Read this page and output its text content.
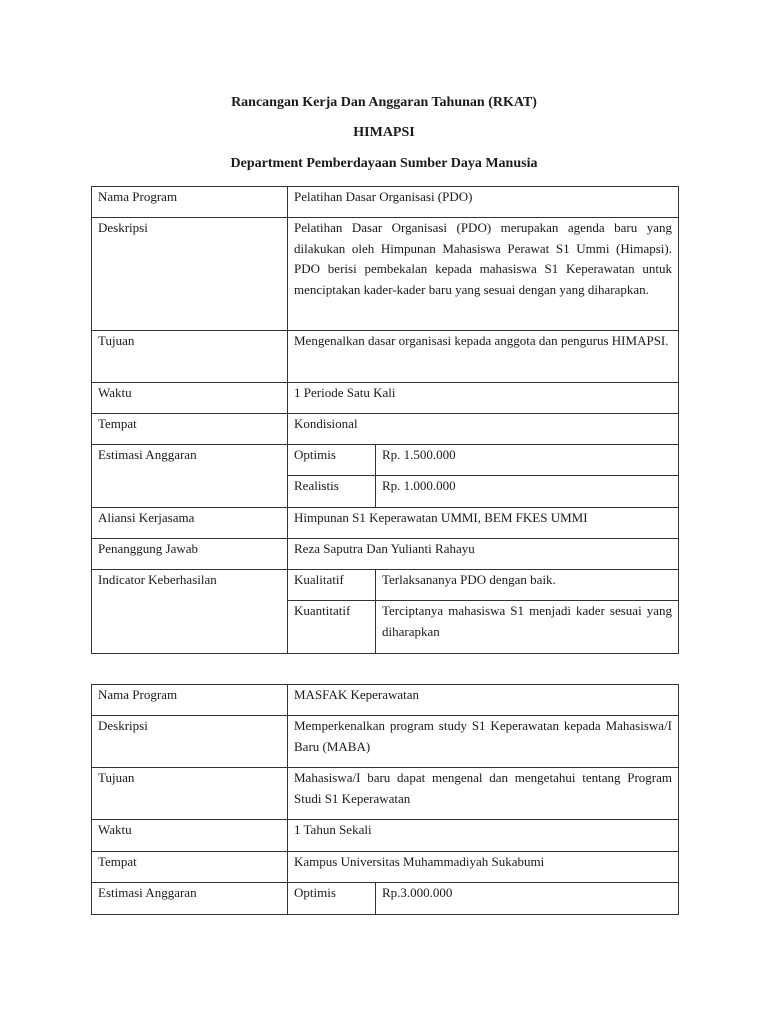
Rancangan Kerja Dan Anggaran Tahunan (RKAT)
HIMAPSI
Department Pemberdayaan Sumber Daya Manusia
Nama Program	Pelatihan Dasar Organisasi (PDO)	
Deskripsi	Pelatihan Dasar Organisasi (PDO) merupakan agenda baru yang dilakukan oleh Himpunan Mahasiswa Perawat S1 Ummi (Himapsi). PDO berisi pembekalan kepada mahasiswa S1 Keperawatan untuk menciptakan kader-kader baru yang sesuai dengan yang diharapkan.	
Tujuan	Mengenalkan dasar organisasi kepada anggota dan pengurus HIMAPSI.	
Waktu	1 Periode Satu Kali	
Tempat	Kondisional	
Estimasi Anggaran	Optimis	Rp. 1.500.000
	Realistis	Rp. 1.000.000
Aliansi Kerjasama	Himpunan S1 Keperawatan UMMI, BEM FKES UMMI	
Penanggung Jawab	Reza Saputra Dan Yulianti Rahayu	
Indicator Keberhasilan	Kualitatif	Terlaksananya PDO dengan baik.
	Kuantitatif	Terciptanya mahasiswa S1 menjadi kader sesuai yang diharapkan
Nama Program	MASFAK Keperawatan	
Deskripsi	Memperkenalkan program study S1 Keperawatan kepada Mahasiswa/I Baru (MABA)	
Tujuan	Mahasiswa/I baru dapat mengenal dan mengetahui tentang Program Studi S1 Keperawatan	
Waktu	1 Tahun Sekali	
Tempat	Kampus Universitas Muhammadiyah Sukabumi	
Estimasi Anggaran	Optimis	Rp.3.000.000
